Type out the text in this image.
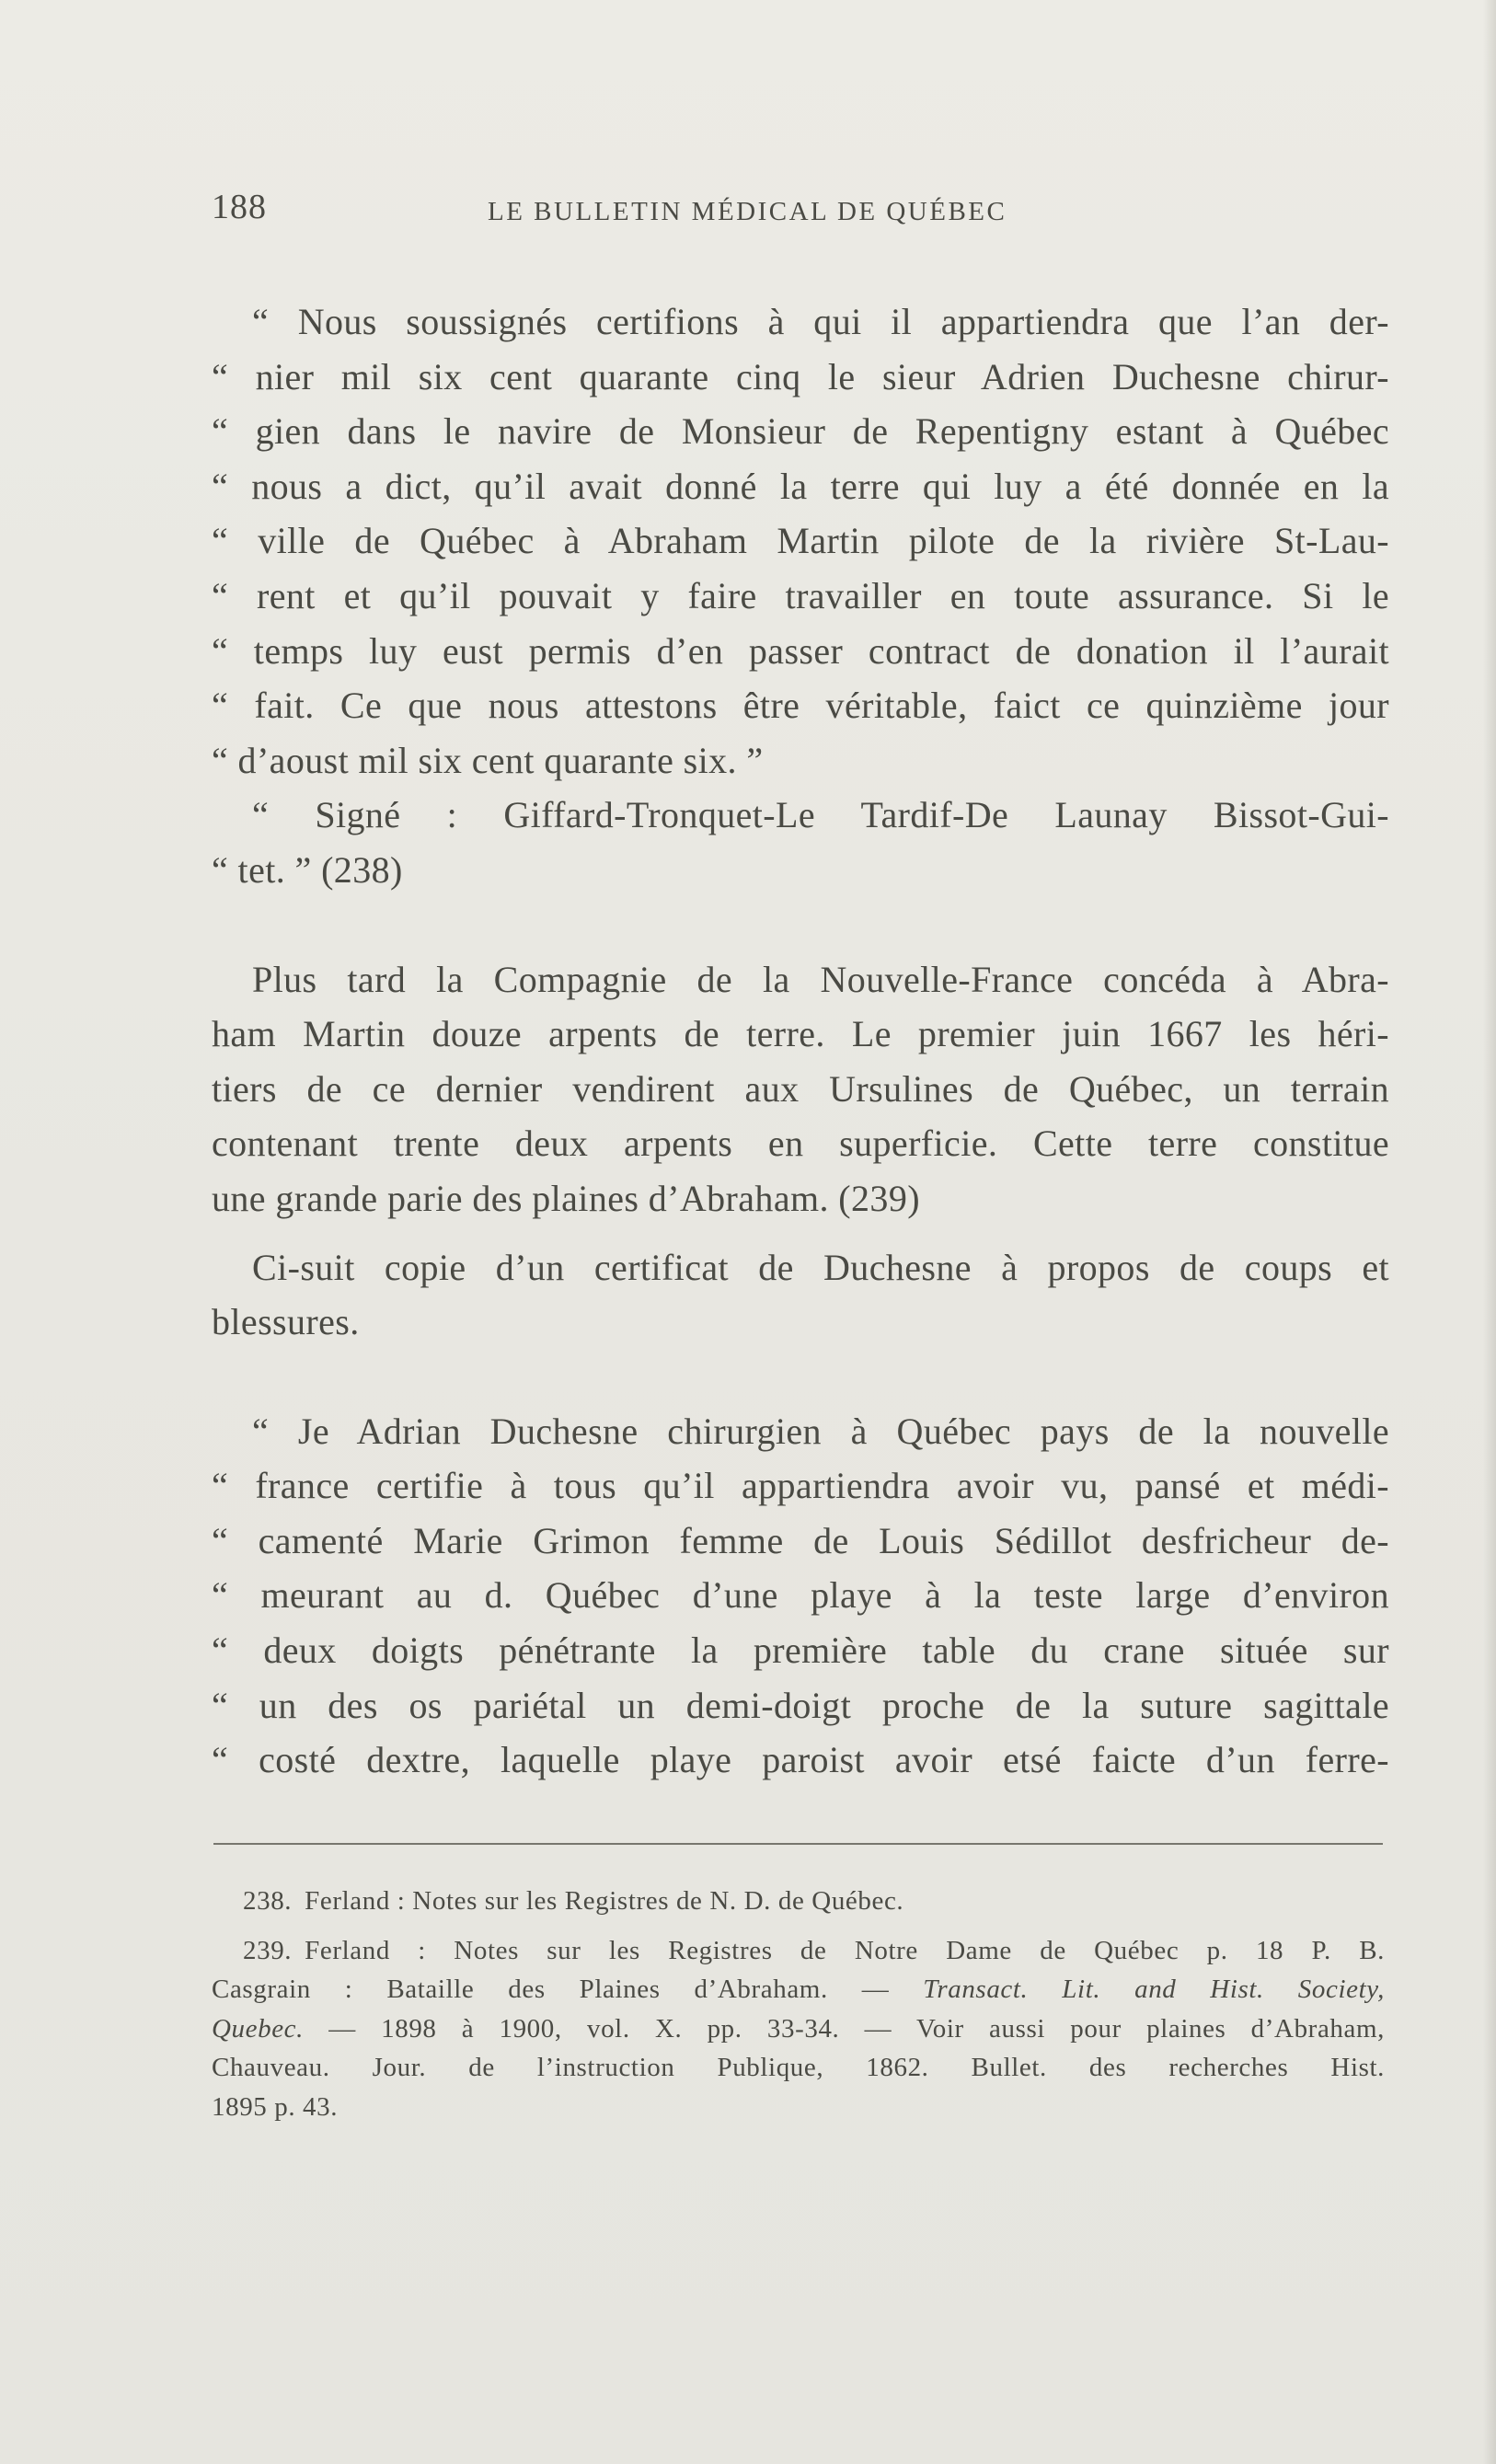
188	LE BULLETIN MÉDICAL DE QUÉBEC
“ Nous soussignés certifions à qui il appartiendra que l’an der-
“ nier mil six cent quarante cinq le sieur Adrien Duchesne chirur-
“ gien dans le navire de Monsieur de Repentigny estant à Québec
“ nous a dict, qu’il avait donné la terre qui luy a été donnée en la
“ ville de Québec à Abraham Martin pilote de la rivière St-Lau-
“ rent et qu’il pouvait y faire travailler en toute assurance. Si le
“ temps luy eust permis d’en passer contract de donation il l’aurait
“ fait. Ce que nous attestons être véritable, faict ce quinzième jour
“ d’aoust mil six cent quarante six. ”
“ Signé : Giffard-Tronquet-Le Tardif-De Launay Bissot-Gui-
“ tet. ” (238)
Plus tard la Compagnie de la Nouvelle-France concéda à Abra-
ham Martin douze arpents de terre. Le premier juin 1667 les héri-
tiers de ce dernier vendirent aux Ursulines de Québec, un terrain
contenant trente deux arpents en superficie. Cette terre constitue
une grande parie des plaines d’Abraham. (239)
Ci-suit copie d’un certificat de Duchesne à propos de coups et
blessures.
“ Je Adrian Duchesne chirurgien à Québec pays de la nouvelle
“ france certifie à tous qu’il appartiendra avoir vu, pansé et médi-
“ camenté Marie Grimon femme de Louis Sédillot desfricheur de-
“ meurant au d. Québec d’une playe à la teste large d’environ
“ deux doigts pénétrante la première table du crane située sur
“ un des os pariétal un demi-doigt proche de la suture sagittale
“ costé dextre, laquelle playe paroist avoir etsé faicte d’un ferre-
238. Ferland : Notes sur les Registres de N. D. de Québec.
239. Ferland : Notes sur les Registres de Notre Dame de Québec p. 18 P. B.
Casgrain : Bataille des Plaines d’Abraham. — Transact. Lit. and Hist. Society,
Quebec. — 1898 à 1900, vol. X. pp. 33-34. — Voir aussi pour plaines d’Abraham,
Chauveau. Jour. de l’instruction Publique, 1862. Bullet. des recherches Hist.
1895 p. 43.
